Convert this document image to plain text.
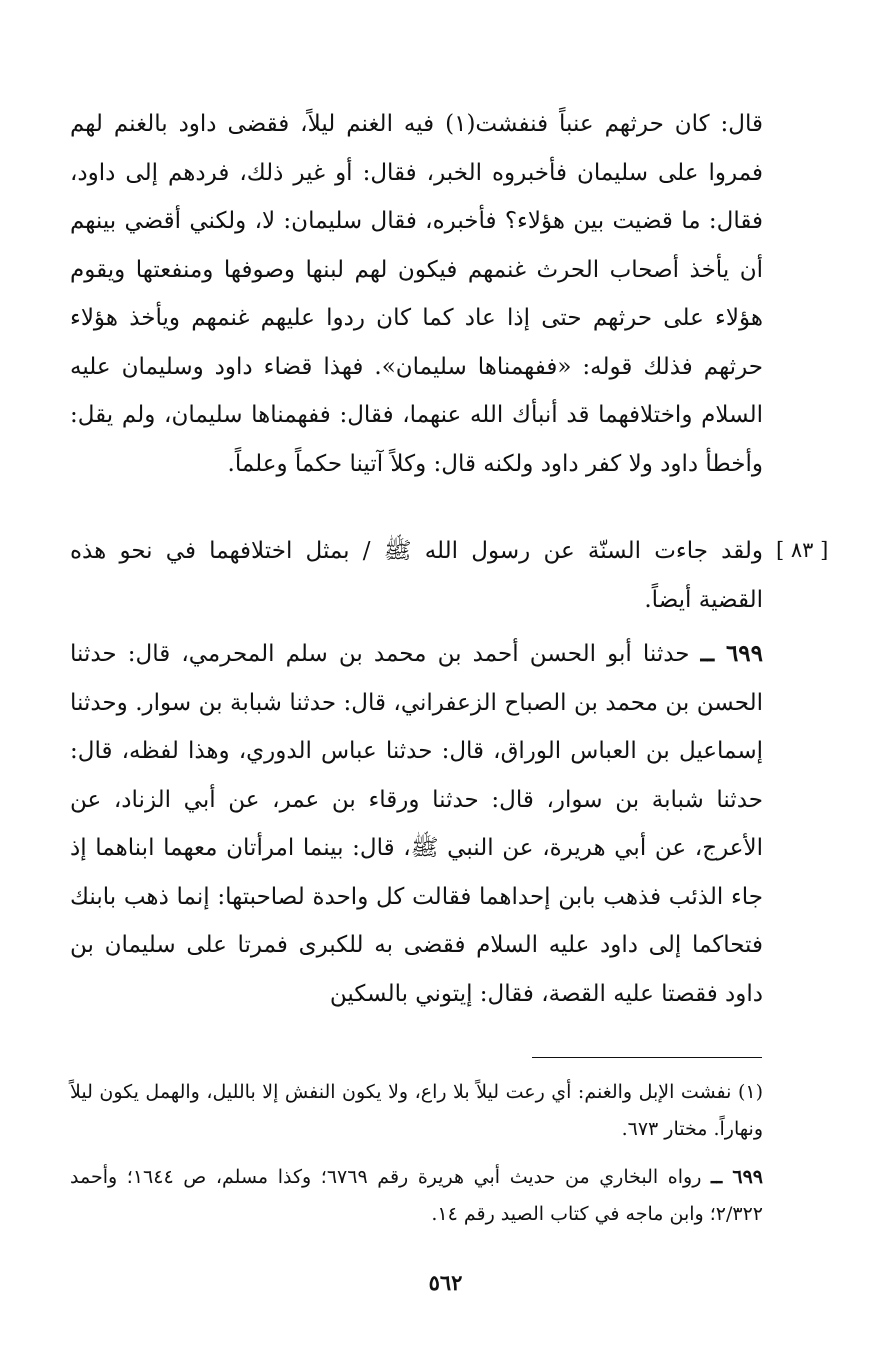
قال: كان حرثهم عنباً فنفشت(١) فيه الغنم ليلاً، فقضى داود بالغنم لهم فمروا على سليمان فأخبروه الخبر، فقال: أو غير ذلك، فردهم إلى داود، فقال: ما قضيت بين هؤلاء؟ فأخبره، فقال سليمان: لا، ولكني أقضي بينهم أن يأخذ أصحاب الحرث غنمهم فيكون لهم لبنها وصوفها ومنفعتها ويقوم هؤلاء على حرثهم حتى إذا عاد كما كان ردوا عليهم غنمهم ويأخذ هؤلاء حرثهم فذلك قوله: «ففهمناها سليمان». فهذا قضاء داود وسليمان عليه السلام واختلافهما قد أنبأك الله عنهما، فقال: ففهمناها سليمان، ولم يقل: وأخطأ داود ولا كفر داود ولكنه قال: وكلاً آتينا حكماً وعلماً.
[ ٨٣ ]
ولقد جاءت السنّة عن رسول الله ﷺ / بمثل اختلافهما في نحو هذه القضية أيضاً.
٦٩٩ ــ حدثنا أبو الحسن أحمد بن محمد بن سلم المحرمي، قال: حدثنا الحسن بن محمد بن الصباح الزعفراني، قال: حدثنا شبابة بن سوار. وحدثنا إسماعيل بن العباس الوراق، قال: حدثنا عباس الدوري، وهذا لفظه، قال: حدثنا شبابة بن سوار، قال: حدثنا ورقاء بن عمر، عن أبي الزناد، عن الأعرج، عن أبي هريرة، عن النبي ﷺ، قال: بينما امرأتان معهما ابناهما إذ جاء الذئب فذهب بابن إحداهما فقالت كل واحدة لصاحبتها: إنما ذهب بابنك فتحاكما إلى داود عليه السلام فقضى به للكبرى فمرتا على سليمان بن داود فقصتا عليه القصة، فقال: إيتوني بالسكين
(١) نفشت الإبل والغنم: أي رعت ليلاً بلا راع، ولا يكون النفش إلا بالليل، والهمل يكون ليلاً ونهاراً. مختار ٦٧٣.
٦٩٩ ــ رواه البخاري من حديث أبي هريرة رقم ٦٧٦٩؛ وكذا مسلم، ص ١٦٤٤؛ وأحمد ٢/٣٢٢؛ وابن ماجه في كتاب الصيد رقم ١٤.
٥٦٢
